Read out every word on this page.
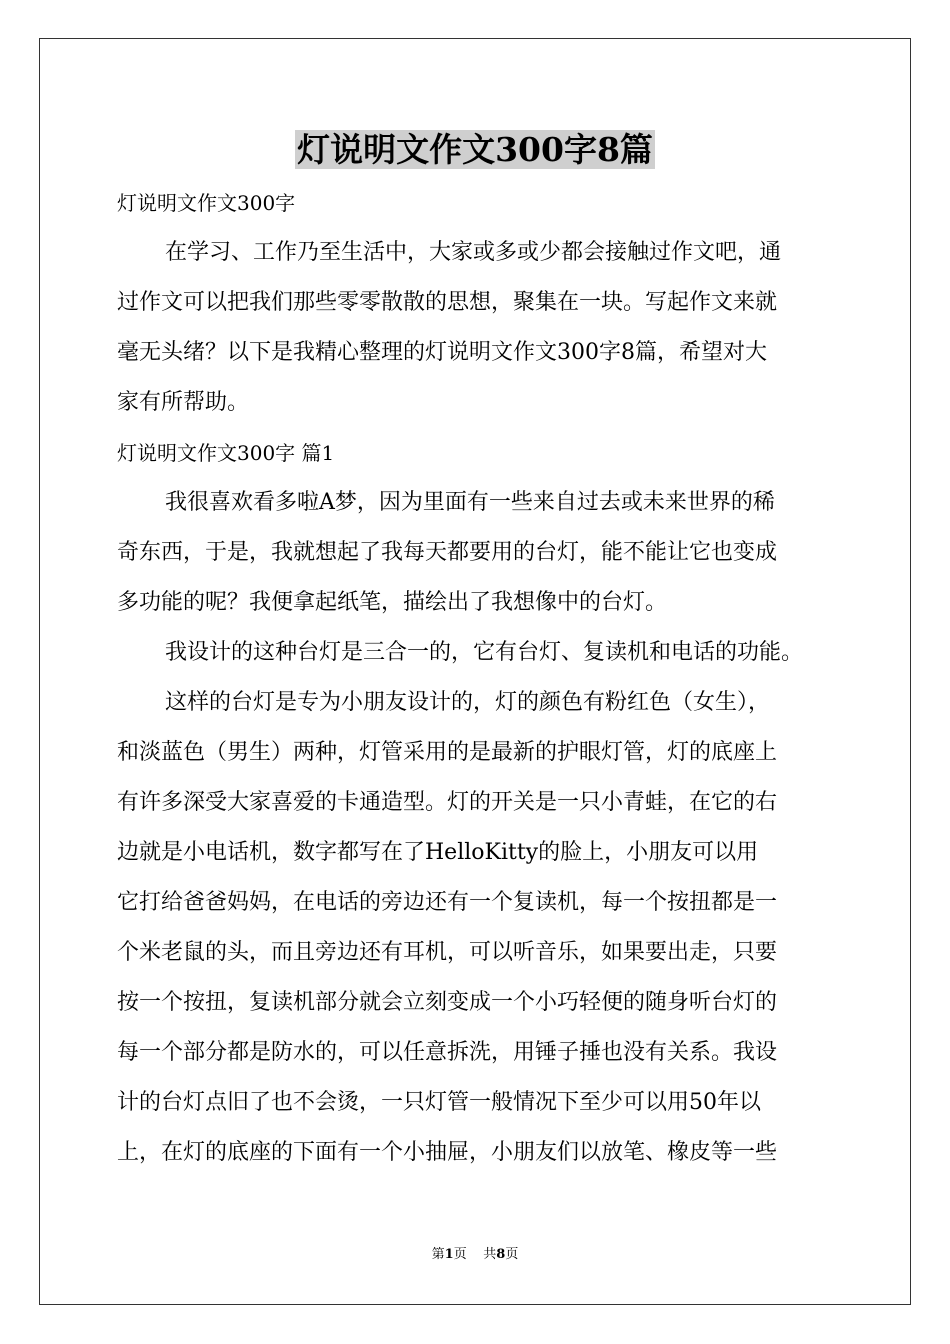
灯说明文作文300字8篇

灯说明文作文300字

在学习、工作乃至生活中，大家或多或少都会接触过作文吧，通

过作文可以把我们那些零零散散的思想，聚集在一块。写起作文来就

毫无头绪？以下是我精心整理的灯说明文作文300字8篇，希望对大

家有所帮助。

灯说明文作文300字 篇1

我很喜欢看多啦A梦，因为里面有一些来自过去或未来世界的稀

奇东西，于是，我就想起了我每天都要用的台灯，能不能让它也变成

多功能的呢？我便拿起纸笔，描绘出了我想像中的台灯。

我设计的这种台灯是三合一的，它有台灯、复读机和电话的功能。

这样的台灯是专为小朋友设计的，灯的颜色有粉红色（女生），

和淡蓝色（男生）两种，灯管采用的是最新的护眼灯管，灯的底座上

有许多深受大家喜爱的卡通造型。灯的开关是一只小青蛙，在它的右

边就是小电话机，数字都写在了HelloKitty的脸上，小朋友可以用

它打给爸爸妈妈，在电话的旁边还有一个复读机，每一个按扭都是一

个米老鼠的头，而且旁边还有耳机，可以听音乐，如果要出走，只要

按一个按扭，复读机部分就会立刻变成一个小巧轻便的随身听台灯的

每一个部分都是防水的，可以任意拆洗，用锤子捶也没有关系。我设

计的台灯点旧了也不会烫，一只灯管一般情况下至少可以用50年以

上，在灯的底座的下面有一个小抽屉，小朋友们以放笔、橡皮等一些

第1页 共8页
